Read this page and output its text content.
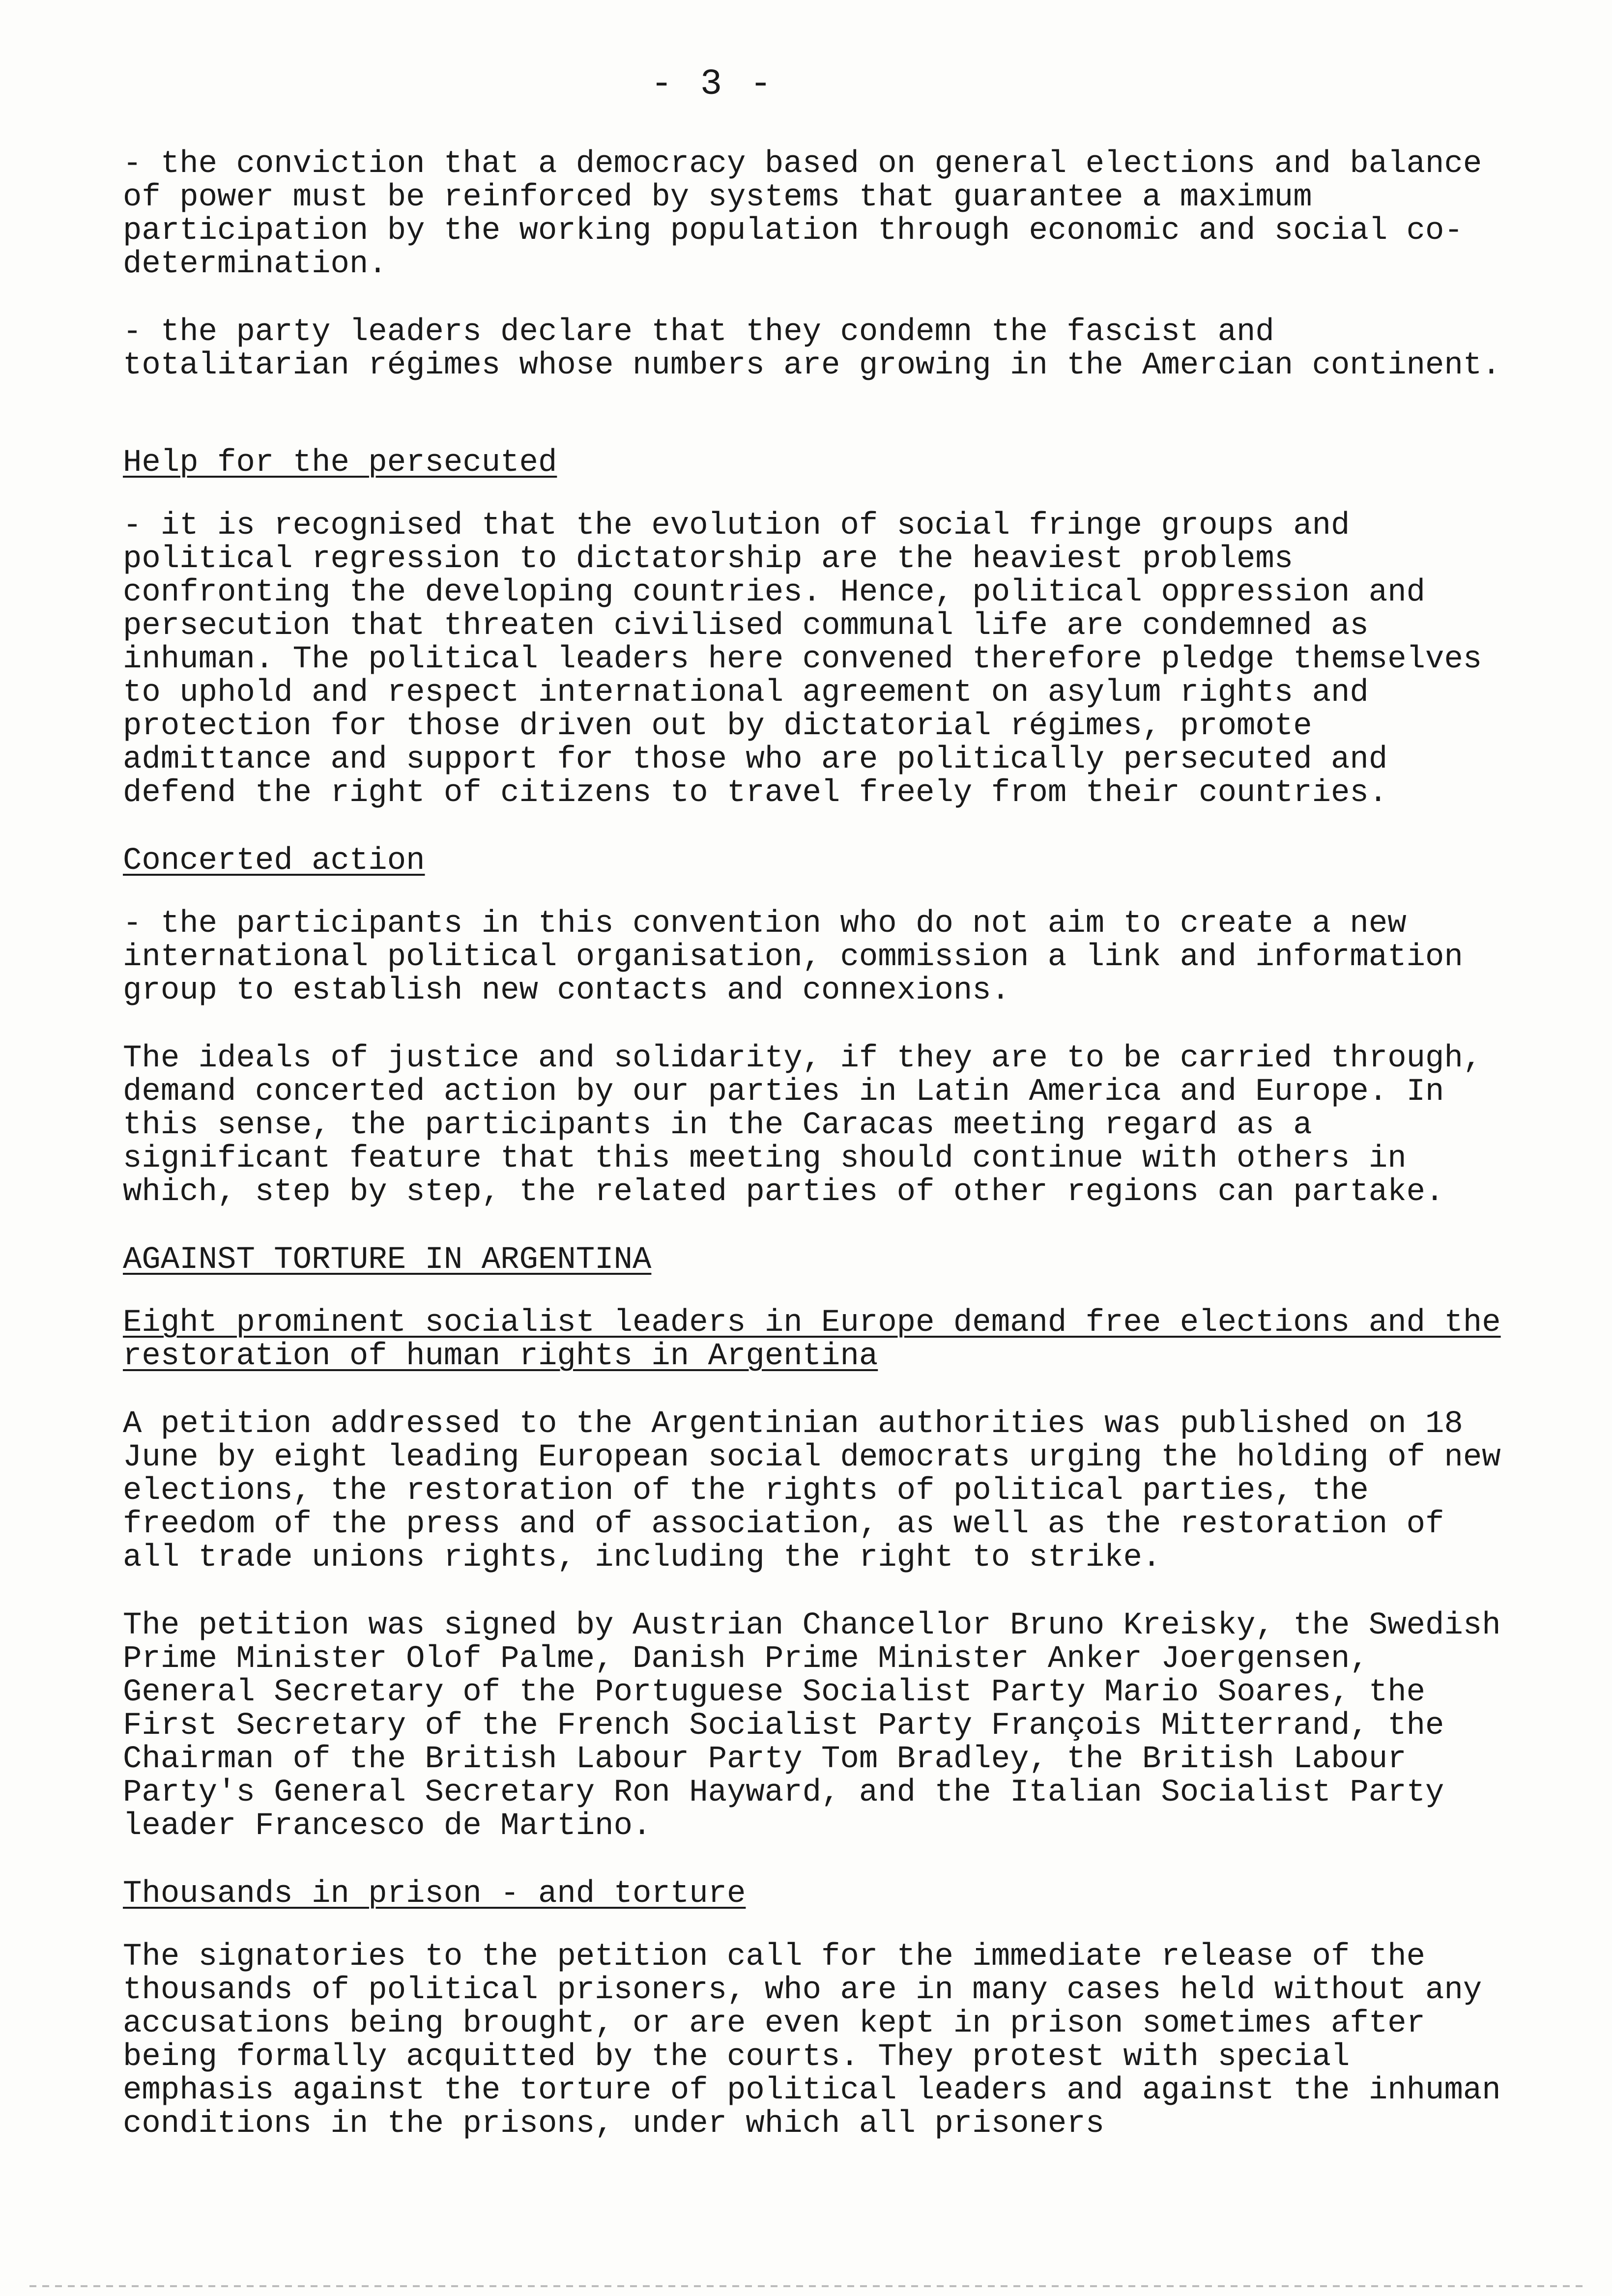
- 3 -

- the conviction that a democracy based on general elections and balance of power must be reinforced by systems that guarantee a maximum participation by the working population through economic and social co-determination.

- the party leaders declare that they condemn the fascist and totalitarian régimes whose numbers are growing in the Amercian continent.

Help for the persecuted

- it is recognised that the evolution of social fringe groups and political regression to dictatorship are the heaviest problems confronting the developing countries. Hence, political oppression and persecution that threaten civilised communal life are condemned as inhuman. The political leaders here convened therefore pledge themselves to uphold and respect international agreement on asylum rights and protection for those driven out by dictatorial régimes, promote admittance and support for those who are politically persecuted and defend the right of citizens to travel freely from their countries.

Concerted action

- the participants in this convention who do not aim to create a new international political organisation, commission a link and information group to establish new contacts and connexions.

The ideals of justice and solidarity, if they are to be carried through, demand concerted action by our parties in Latin America and Europe. In this sense, the participants in the Caracas meeting regard as a significant feature that this meeting should continue with others in which, step by step, the related parties of other regions can partake.

AGAINST TORTURE IN ARGENTINA
Eight prominent socialist leaders in Europe demand free elections and the restoration of human rights in Argentina

A petition addressed to the Argentinian authorities was published on 18 June by eight leading European social democrats urging the holding of new elections, the restoration of the rights of political parties, the freedom of the press and of association, as well as the restoration of all trade unions rights, including the right to strike.

The petition was signed by Austrian Chancellor Bruno Kreisky, the Swedish Prime Minister Olof Palme, Danish Prime Minister Anker Joergensen, General Secretary of the Portuguese Socialist Party Mario Soares, the First Secretary of the French Socialist Party François Mitterrand, the Chairman of the British Labour Party Tom Bradley, the British Labour Party's General Secretary Ron Hayward, and the Italian Socialist Party leader Francesco de Martino.

Thousands in prison - and torture

The signatories to the petition call for the immediate release of the thousands of political prisoners, who are in many cases held without any accusations being brought, or are even kept in prison sometimes after being formally acquitted by the courts. They protest with special emphasis against the torture of political leaders and against the inhuman conditions in the prisons, under which all prisoners
